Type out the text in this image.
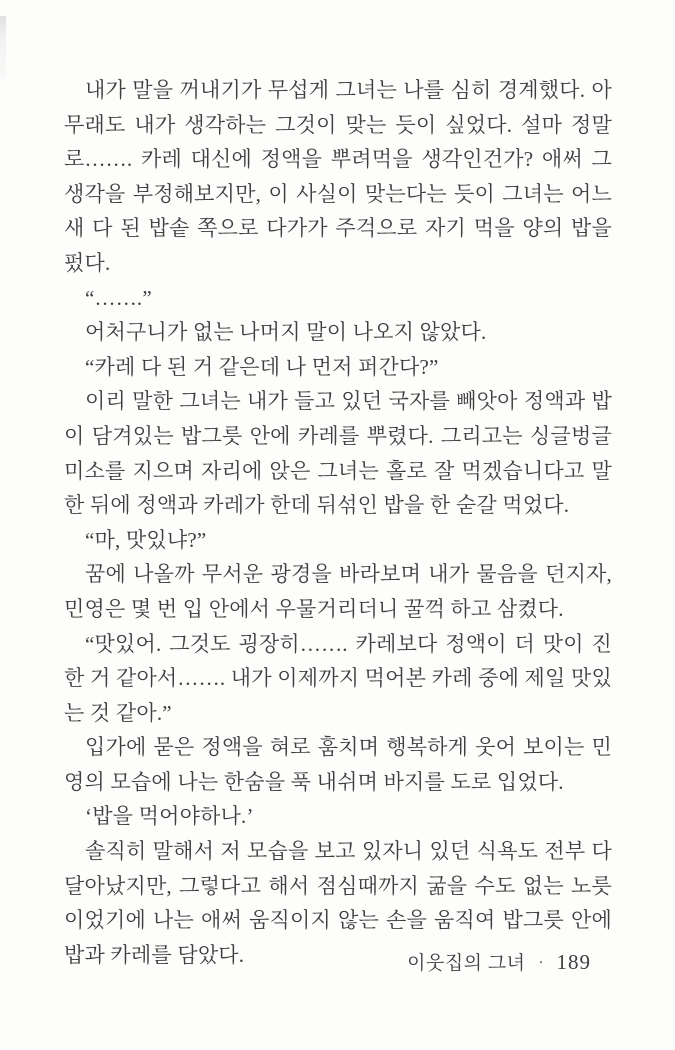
내가 말을 꺼내기가 무섭게 그녀는 나를 심히 경계했다. 아무래도 내가 생각하는 그것이 맞는 듯이 싶었다. 설마 정말로……. 카레 대신에 정액을 뿌려먹을 생각인건가? 애써 그 생각을 부정해보지만, 이 사실이 맞는다는 듯이 그녀는 어느새 다 된 밥솥 쪽으로 다가가 주걱으로 자기 먹을 양의 밥을 펐다.

“…….”

어처구니가 없는 나머지 말이 나오지 않았다.

“카레 다 된 거 같은데 나 먼저 퍼간다?”

이리 말한 그녀는 내가 들고 있던 국자를 빼앗아 정액과 밥이 담겨있는 밥그릇 안에 카레를 뿌렸다. 그리고는 싱글벙글 미소를 지으며 자리에 앉은 그녀는 홀로 잘 먹겠습니다고 말한 뒤에 정액과 카레가 한데 뒤섞인 밥을 한 숟갈 먹었다.

“마, 맛있냐?”

꿈에 나올까 무서운 광경을 바라보며 내가 물음을 던지자, 민영은 몇 번 입 안에서 우물거리더니 꿀꺽 하고 삼켰다.

“맛있어. 그것도 굉장히……. 카레보다 정액이 더 맛이 진한 거 같아서……. 내가 이제까지 먹어본 카레 중에 제일 맛있는 것 같아.”

입가에 묻은 정액을 혀로 훔치며 행복하게 웃어 보이는 민영의 모습에 나는 한숨을 푹 내쉬며 바지를 도로 입었다.

‘밥을 먹어야하나.’

솔직히 말해서 저 모습을 보고 있자니 있던 식욕도 전부 다 달아났지만, 그렇다고 해서 점심때까지 굶을 수도 없는 노릇이었기에 나는 애써 움직이지 않는 손을 움직여 밥그릇 안에 밥과 카레를 담았다.	이웃집의 그녀 · 189
